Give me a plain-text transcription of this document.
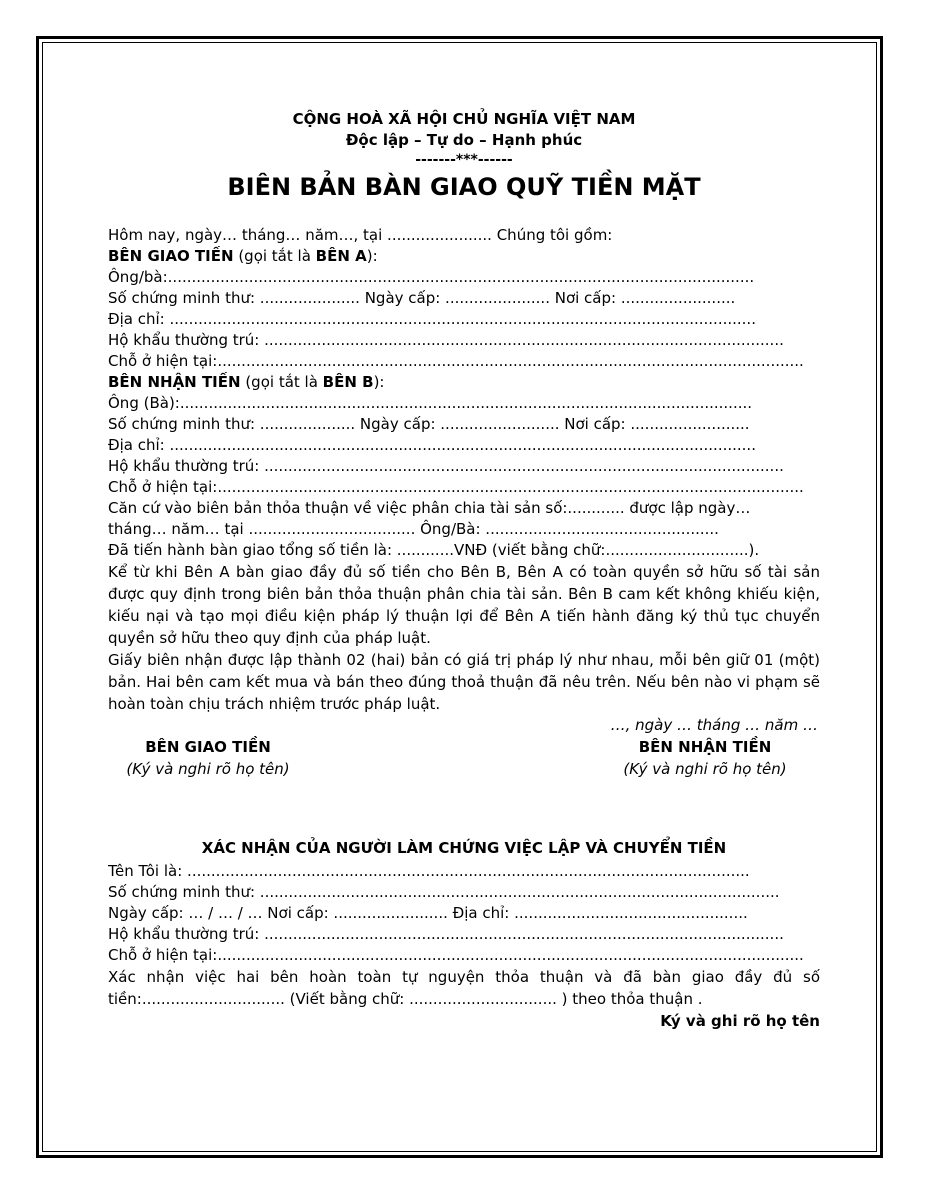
CỘNG HOÀ XÃ HỘI CHỦ NGHĨA VIỆT NAM
Độc lập – Tự do – Hạnh phúc
-------***------
BIÊN BẢN BÀN GIAO QUỸ TIỀN MẶT
Hôm nay, ngày… tháng… năm…, tại ...................... Chúng tôi gồm:
BÊN GIAO TIỀN (gọi tắt là BÊN A):
Ông/bà:...........................................................................................................................
Số chứng minh thư: ..................... Ngày cấp: ...................... Nơi cấp: ........................
Địa chỉ: ...........................................................................................................................
Hộ khẩu thường trú: .............................................................................................................
Chỗ ở hiện tại:...........................................................................................................................
BÊN NHẬN TIỀN (gọi tắt là BÊN B):
Ông (Bà):........................................................................................................................
Số chứng minh thư: .................... Ngày cấp: ......................... Nơi cấp: .........................
Địa chỉ: ...........................................................................................................................
Hộ khẩu thường trú: .............................................................................................................
Chỗ ở hiện tại:...........................................................................................................................
Căn cứ vào biên bản thỏa thuận về việc phân chia tài sản số:............ được lập ngày…
tháng… năm… tại ................................... Ông/Bà: .................................................
Đã tiến hành bàn giao tổng số tiền là: ............VNĐ (viết bằng chữ:..............................).
Kể từ khi Bên A bàn giao đầy đủ số tiền cho Bên B, Bên A có toàn quyền sở hữu số tài sản được quy định trong biên bản thỏa thuận phân chia tài sản. Bên B cam kết không khiếu kiện, kiếu nại và tạo mọi điều kiện pháp lý thuận lợi để Bên A tiến hành đăng ký thủ tục chuyển quyền sở hữu theo quy định của pháp luật.
Giấy biên nhận được lập thành 02 (hai) bản có giá trị pháp lý như nhau, mỗi bên giữ 01 (một) bản. Hai bên cam kết mua và bán theo đúng thoả thuận đã nêu trên. Nếu bên nào vi phạm sẽ hoàn toàn chịu trách nhiệm trước pháp luật.
…, ngày … tháng … năm …
BÊN GIAO TIỀN
(Ký và nghi rõ họ tên)
BÊN NHẬN TIỀN
(Ký và nghi rõ họ tên)
XÁC NHẬN CỦA NGƯỜI LÀM CHỨNG VIỆC LẬP VÀ CHUYỂN TIỀN
Tên Tôi là: ......................................................................................................................
Số chứng minh thư: .............................................................................................................
Ngày cấp: … / … / … Nơi cấp: ........................ Địa chỉ: .................................................
Hộ khẩu thường trú: .............................................................................................................
Chỗ ở hiện tại:...........................................................................................................................
Xác nhận việc hai bên hoàn toàn tự nguyện thỏa thuận và đã bàn giao đầy đủ số tiền:.............................. (Viết bằng chữ: ............................... ) theo thỏa thuận .
Ký và ghi rõ họ tên
